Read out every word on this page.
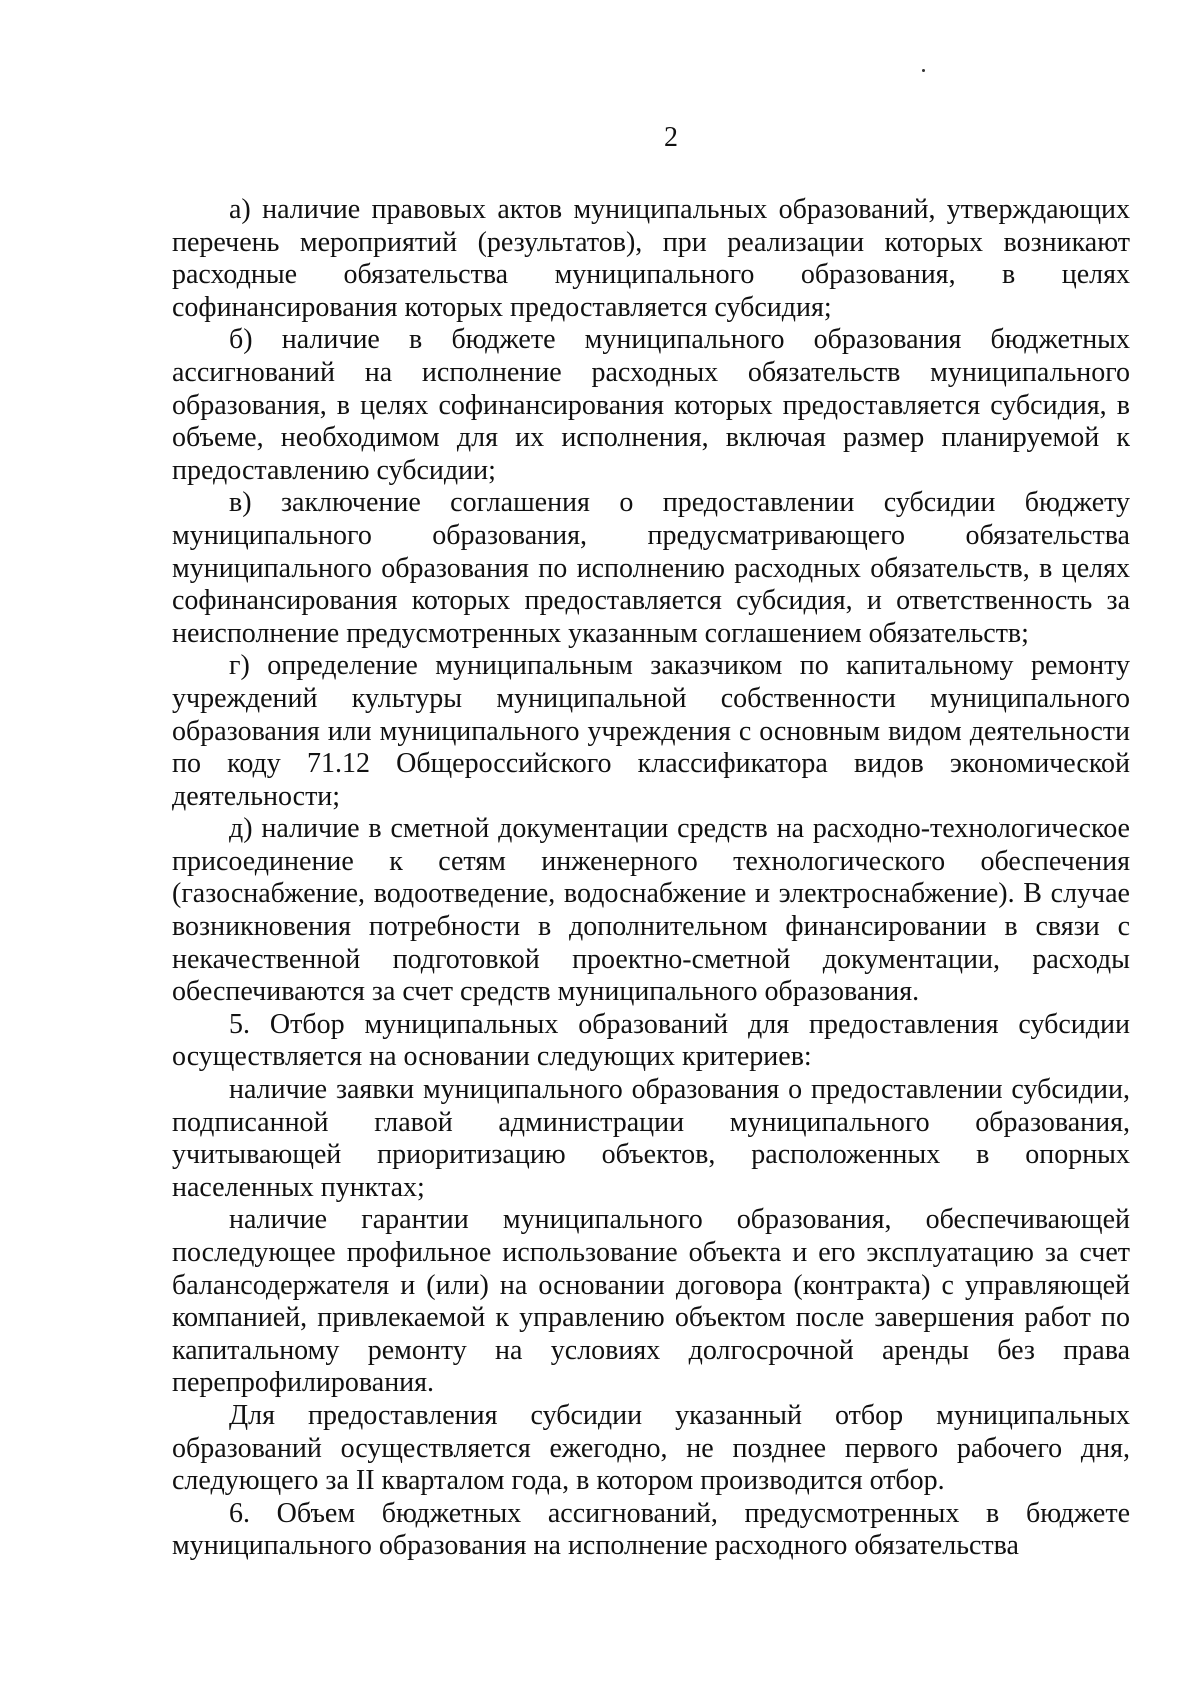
2

а) наличие правовых актов муниципальных образований, утверждающих перечень мероприятий (результатов), при реализации которых возникают расходные обязательства муниципального образования, в целях софинансирования которых предоставляется субсидия;

б) наличие в бюджете муниципального образования бюджетных ассигнований на исполнение расходных обязательств муниципального образования, в целях софинансирования которых предоставляется субсидия, в объеме, необходимом для их исполнения, включая размер планируемой к предоставлению субсидии;

в) заключение соглашения о предоставлении субсидии бюджету муниципального образования, предусматривающего обязательства муниципального образования по исполнению расходных обязательств, в целях софинансирования которых предоставляется субсидия, и ответственность за неисполнение предусмотренных указанным соглашением обязательств;

г) определение муниципальным заказчиком по капитальному ремонту учреждений культуры муниципальной собственности муниципального образования или муниципального учреждения с основным видом деятельности по коду 71.12 Общероссийского классификатора видов экономической деятельности;

д) наличие в сметной документации средств на расходно-технологическое присоединение к сетям инженерного технологического обеспечения (газоснабжение, водоотведение, водоснабжение и электроснабжение). В случае возникновения потребности в дополнительном финансировании в связи с некачественной подготовкой проектно-сметной документации, расходы обеспечиваются за счет средств муниципального образования.

5. Отбор муниципальных образований для предоставления субсидии осуществляется на основании следующих критериев:

наличие заявки муниципального образования о предоставлении субсидии, подписанной главой администрации муниципального образования, учитывающей приоритизацию объектов, расположенных в опорных населенных пунктах;

наличие гарантии муниципального образования, обеспечивающей последующее профильное использование объекта и его эксплуатацию за счет балансодержателя и (или) на основании договора (контракта) с управляющей компанией, привлекаемой к управлению объектом после завершения работ по капитальному ремонту на условиях долгосрочной аренды без права перепрофилирования.

Для предоставления субсидии указанный отбор муниципальных образований осуществляется ежегодно, не позднее первого рабочего дня, следующего за II кварталом года, в котором производится отбор.

6. Объем бюджетных ассигнований, предусмотренных в бюджете муниципального образования на исполнение расходного обязательства
